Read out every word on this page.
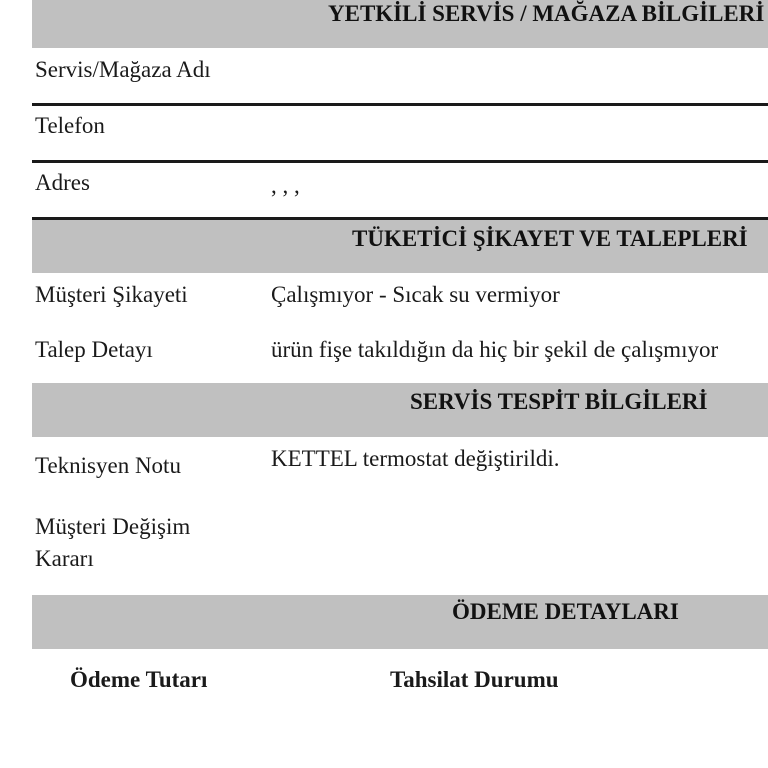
YETKİLİ SERVİS / MAĞAZA BİLGİLERİ
Servis/Mağaza Adı
Telefon
Adres	, , ,
TÜKETİCİ ŞİKAYET VE TALEPLERİ
Müşteri Şikayeti	Çalışmıyor - Sıcak su vermiyor
Talep Detayı	ürün fişe takıldığın da hiç bir şekil de çalışmıyor
SERVİS TESPİT BİLGİLERİ
Teknisyen Notu	KETTEL termostat değiştirildi.
Müşteri Değişim
Kararı
ÖDEME DETAYLARI
Ödeme Tutarı	Tahsilat Durumu
